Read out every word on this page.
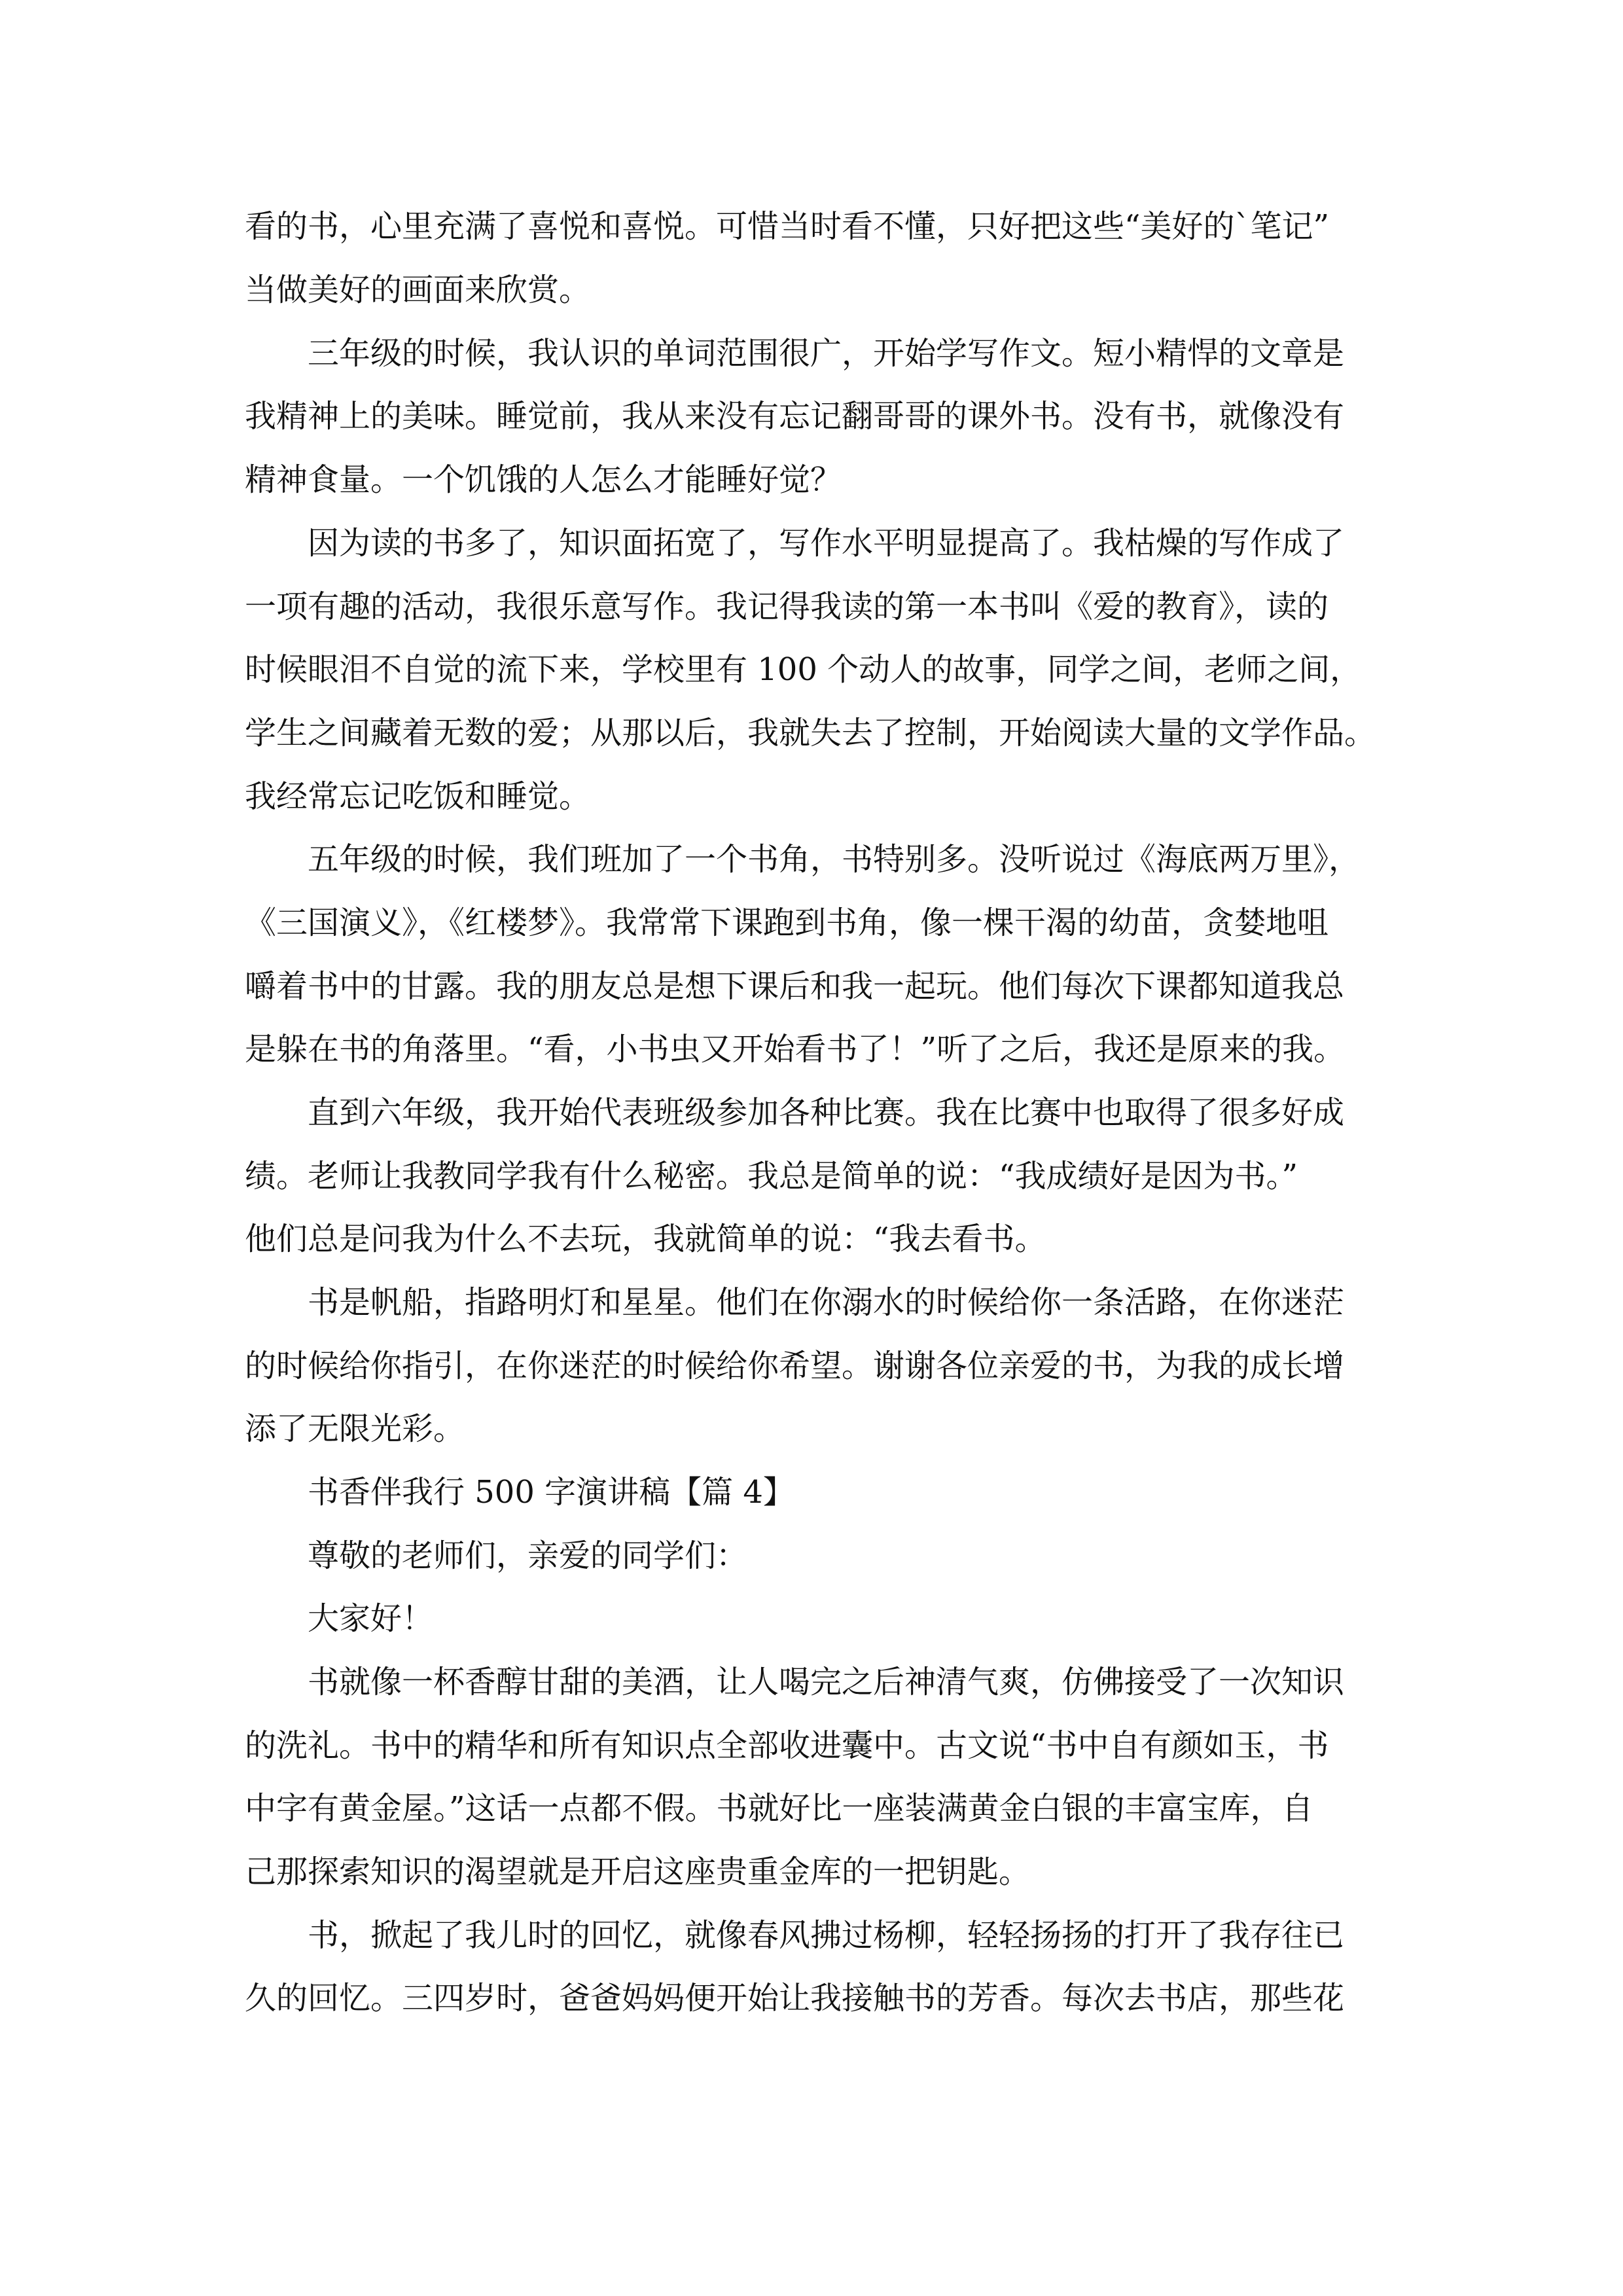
看的书，心里充满了喜悦和喜悦。可惜当时看不懂，只好把这些“美好的`笔记”

当做美好的画面来欣赏。

三年级的时候，我认识的单词范围很广，开始学写作文。短小精悍的文章是

我精神上的美味。睡觉前，我从来没有忘记翻哥哥的课外书。没有书，就像没有

精神食量。一个饥饿的人怎么才能睡好觉？

因为读的书多了，知识面拓宽了，写作水平明显提高了。我枯燥的写作成了

一项有趣的活动，我很乐意写作。我记得我读的第一本书叫《爱的教育》，读的

时候眼泪不自觉的流下来，学校里有 100 个动人的故事，同学之间，老师之间，

学生之间藏着无数的爱；从那以后，我就失去了控制，开始阅读大量的文学作品。

我经常忘记吃饭和睡觉。

五年级的时候，我们班加了一个书角，书特别多。没听说过《海底两万里》，

《三国演义》，《红楼梦》。我常常下课跑到书角，像一棵干渴的幼苗，贪婪地咀

嚼着书中的甘露。我的朋友总是想下课后和我一起玩。他们每次下课都知道我总

是躲在书的角落里。“看，小书虫又开始看书了！”听了之后，我还是原来的我。

直到六年级，我开始代表班级参加各种比赛。我在比赛中也取得了很多好成

绩。老师让我教同学我有什么秘密。我总是简单的说：“我成绩好是因为书。”

他们总是问我为什么不去玩，我就简单的说：“我去看书。

书是帆船，指路明灯和星星。他们在你溺水的时候给你一条活路，在你迷茫

的时候给你指引，在你迷茫的时候给你希望。谢谢各位亲爱的书，为我的成长增

添了无限光彩。

书香伴我行 500 字演讲稿【篇 4】

尊敬的老师们，亲爱的同学们：

大家好！

书就像一杯香醇甘甜的美酒，让人喝完之后神清气爽，仿佛接受了一次知识

的洗礼。书中的精华和所有知识点全部收进囊中。古文说“书中自有颜如玉，书

中字有黄金屋。”这话一点都不假。书就好比一座装满黄金白银的丰富宝库，自

己那探索知识的渴望就是开启这座贵重金库的一把钥匙。

书，掀起了我儿时的回忆，就像春风拂过杨柳，轻轻扬扬的打开了我存往已

久的回忆。三四岁时，爸爸妈妈便开始让我接触书的芳香。每次去书店，那些花
